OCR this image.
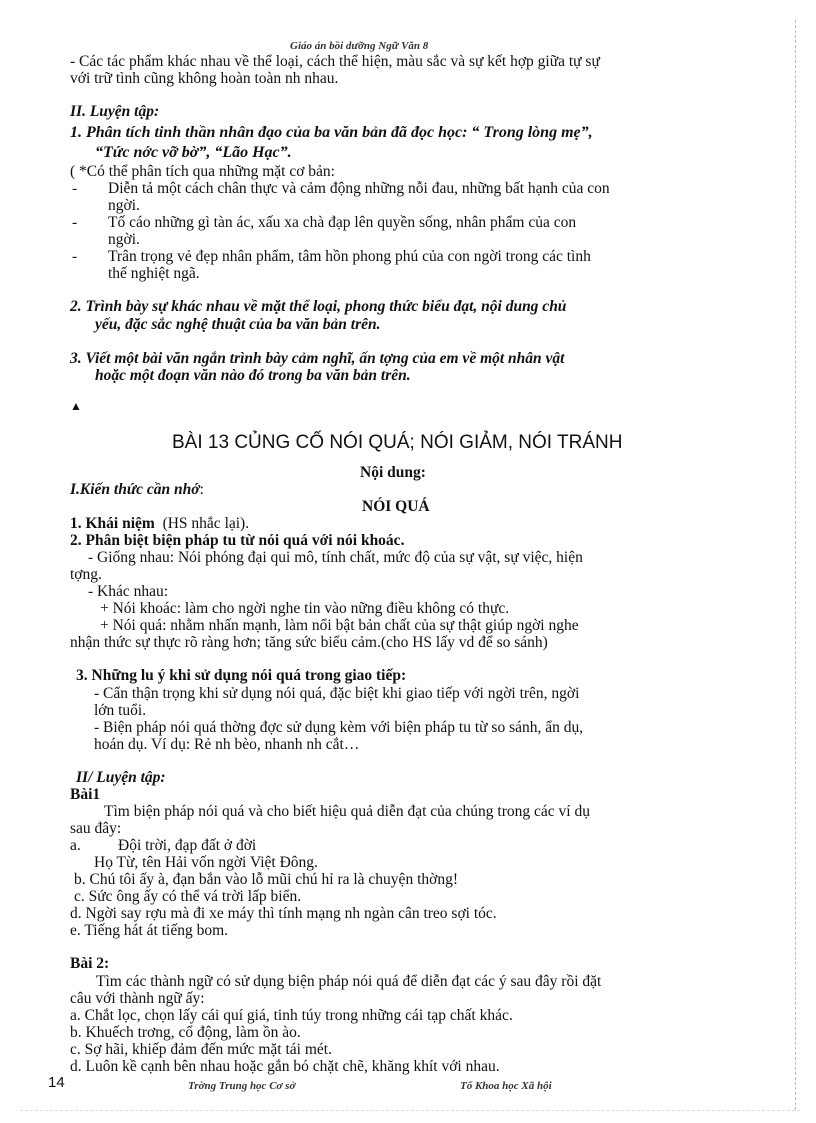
Giáo án bồi dưỡng Ngữ Văn 8
- Các tác phẩm khác nhau về thể loại, cách thể hiện, màu sắc và sự kết hợp giữa tự sự
với trữ tình cũng không hoàn toàn nh nhau.
II. Luyện tập:
1. Phân tích tinh thần nhân đạo của ba văn bản đã đọc học: “ Trong lòng mẹ”,
“Tức nớc vỡ bờ”, “Lão Hạc”.
( *Có thể phân tích qua những mặt cơ bản:
- Diễn tả một cách chân thực và cảm động những nỗi đau, những bất hạnh của con
ngời.
- Tố cáo những gì tàn ác, xấu xa chà đạp lên quyền sống, nhân phẩm của con
ngời.
- Trân trọng vẻ đẹp nhân phẩm, tâm hồn phong phú của con ngời trong các tình
thế nghiệt ngã.
2. Trình bày sự khác nhau về mặt thể loại, phong thức biểu đạt, nội dung chủ
yếu, đặc sắc nghệ thuật của ba văn bản trên.
3. Viết một bài văn ngắn trình bày cảm nghĩ, ấn tợng của em về một nhân vật
hoặc một đoạn văn nào đó trong ba văn bản trên.
▲
BÀI 13 CỦNG CỐ NÓI QUÁ; NÓI GIẢM, NÓI TRÁNH
Nội dung:
I.Kiến thức cần nhớ:
NÓI QUÁ
1. Khái niệm (HS nhắc lại).
2. Phân biệt biện pháp tu từ nói quá với nói khoác.
- Giống nhau: Nói phóng đại qui mô, tính chất, mức độ của sự vật, sự việc, hiện
tợng.
- Khác nhau:
+ Nói khoác: làm cho ngời nghe tin vào nững điều không có thực.
+ Nói quá: nhằm nhấn mạnh, làm nổi bật bản chất của sự thật giúp ngời nghe
nhận thức sự thực rõ ràng hơn; tăng sức biểu cảm.(cho HS lấy vd để so sánh)
3. Những lu ý khi sử dụng nói quá trong giao tiếp:
- Cẩn thận trọng khi sử dụng nói quá, đặc biệt khi giao tiếp với ngời trên, ngời
lớn tuổi.
- Biện pháp nói quá thờng đợc sử dụng kèm với biện pháp tu từ so sánh, ẩn dụ,
hoán dụ. Ví dụ: Rẻ nh bèo, nhanh nh cắt…
II/ Luyện tập:
Bài1
Tìm biện pháp nói quá và cho biết hiệu quả diễn đạt của chúng trong các ví dụ
sau đây:
a. Đội trời, đạp đất ở đời
Họ Từ, tên Hải vốn ngời Việt Đông.
b. Chú tôi ấy à, đạn bắn vào lỗ mũi chú hỉ ra là chuyện thờng!
c. Sức ông ấy có thể vá trời lấp biển.
d. Ngời say rợu mà đi xe máy thì tính mạng nh ngàn cân treo sợi tóc.
e. Tiếng hát át tiếng bom.
Bài 2:
Tìm các thành ngữ có sử dụng biện pháp nói quá để diễn đạt các ý sau đây rồi đặt
câu với thành ngữ ấy:
a. Chắt lọc, chọn lấy cái quí giá, tinh túy trong những cái tạp chất khác.
b. Khuếch trơng, cổ động, làm ồn ào.
c. Sợ hãi, khiếp đảm đến mức mặt tái mét.
d. Luôn kề cạnh bên nhau hoặc gắn bó chặt chẽ, khăng khít với nhau.
14	Trờng Trung học Cơ sở	Tổ Khoa học Xã hội
